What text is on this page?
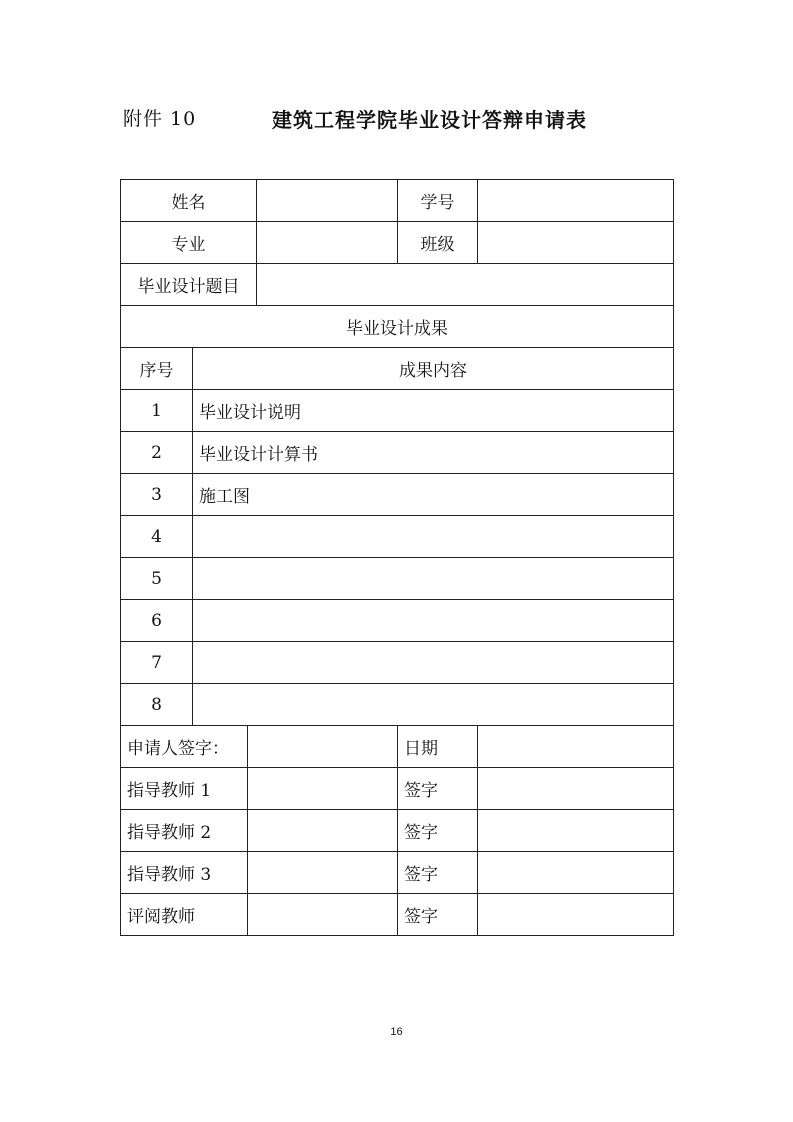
附件 10	建筑工程学院毕业设计答辩申请表
姓名				学号	
专业				班级	
毕业设计题目					
毕业设计成果					
序号	成果内容				
1	毕业设计说明				
2	毕业设计计算书				
3	施工图				
4					
5					
6					
7					
8					
申请人签字：				日期	
指导教师 1				签字	
指导教师 2				签字	
指导教师 3				签字	
评阅教师				签字	
16
